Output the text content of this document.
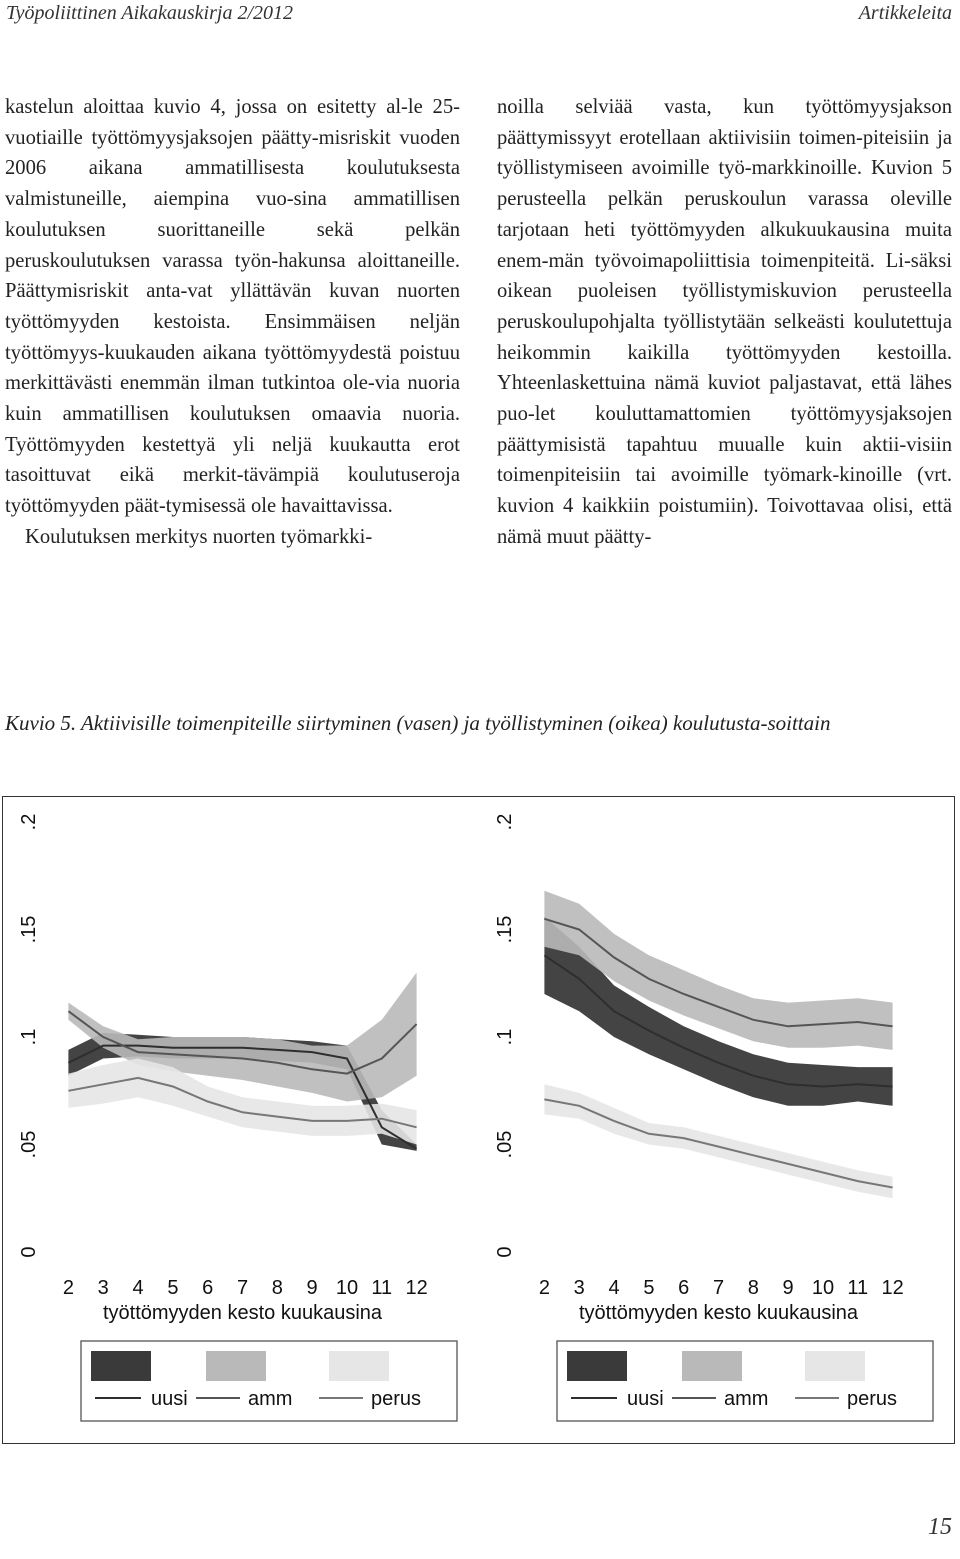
Työpoliittinen Aikakauskirja 2/2012	Artikkeleita

kastelun aloittaa kuvio 4, jossa on esitetty al-le 25-vuotiaille työttömyysjaksojen päätty-misriskit vuoden 2006 aikana ammatillisesta koulutuksesta valmistuneille, aiempina vuo-sina ammatillisen koulutuksen suorittaneille sekä pelkän peruskoulutuksen varassa työn-hakunsa aloittaneille. Päättymisriskit anta-vat yllättävän kuvan nuorten työttömyyden kestoista. Ensimmäisen neljän työttömyys-kuukauden aikana työttömyydestä poistuu merkittävästi enemmän ilman tutkintoa ole-via nuoria kuin ammatillisen koulutuksen omaavia nuoria. Työttömyyden kestettyä yli neljä kuukautta erot tasoittuvat eikä merkit-tävämpiä koulutuseroja työttömyyden päät-tymisessä ole havaittavissa.

Koulutuksen merkitys nuorten työmarkki-

noilla selviää vasta, kun työttömyysjakson päättymissyyt erotellaan aktiivisiin toimen-piteisiin ja työllistymiseen avoimille työ-markkinoille. Kuvion 5 perusteella pelkän peruskoulun varassa oleville tarjotaan heti työttömyyden alkukuukausina muita enem-män työvoimapoliittisia toimenpiteitä. Li-säksi oikean puoleisen työllistymiskuvion perusteella peruskoulupohjalta työllistytään selkeästi koulutettuja heikommin kaikilla työttömyyden kestoilla. Yhteenlaskettuina nämä kuviot paljastavat, että lähes puo-let kouluttamattomien työttömyysjaksojen päättymisistä tapahtuu muualle kuin aktii-visiin toimenpiteisiin tai avoimille työmark-kinoille (vrt. kuvion 4 kaikkiin poistumiin). Toivottavaa olisi, että nämä muut päätty-

Kuvio 5. Aktiivisille toimenpiteille siirtyminen (vasen) ja työllistyminen (oikea) koulutusta-soittain
0
.05
.1
.15
.2
2 3 4 5 6 7 8 9 10 11 12
työttömyyden kesto kuukausina
uusi	amm	perus
0
.05
.1
.15
.2
2 3 4 5 6 7 8 9 10 11 12
työttömyyden kesto kuukausina
uusi	amm	perus
15
